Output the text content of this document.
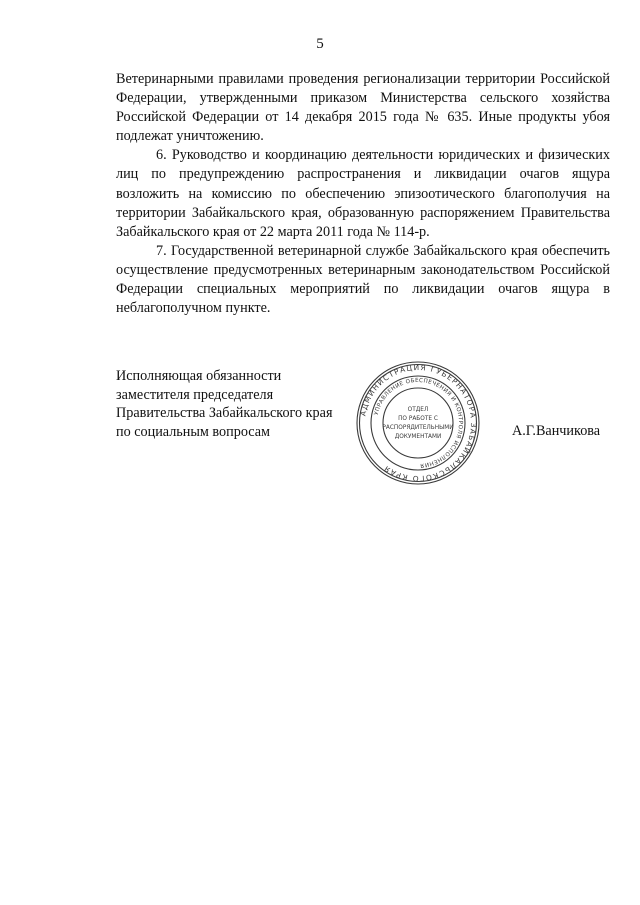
5

Ветеринарными правилами проведения регионализации территории Российской Федерации, утвержденными приказом Министерства сельского хозяйства Российской Федерации от 14 декабря 2015 года № 635. Иные продукты убоя подлежат уничтожению.

6. Руководство и координацию деятельности юридических и физических лиц по предупреждению распространения и ликвидации очагов ящура возложить на комиссию по обеспечению эпизоотического благополучия на территории Забайкальского края, образованную распоряжением Правительства Забайкальского края от 22 марта 2011 года № 114-р.

7. Государственной ветеринарной службе Забайкальского края обеспечить осуществление предусмотренных ветеринарным законодательством Российской Федерации специальных мероприятий по ликвидации очагов ящура в неблагополучном пункте.

Исполняющая обязанности
заместителя председателя
Правительства Забайкальского края
по социальным вопросам	А.Г.Ванчикова
АДМИНИСТРАЦИЯ ГУБЕРНАТОРА ЗАБАЙКАЛЬСКОГО КРАЯ
УПРАВЛЕНИЕ ОБЕСПЕЧЕНИЯ И КОНТРОЛЯ ИСПОЛНЕНИЯ
ОТДЕЛ
ПО РАБОТЕ С
РАСПОРЯДИТЕЛЬНЫМИ
ДОКУМЕНТАМИ
